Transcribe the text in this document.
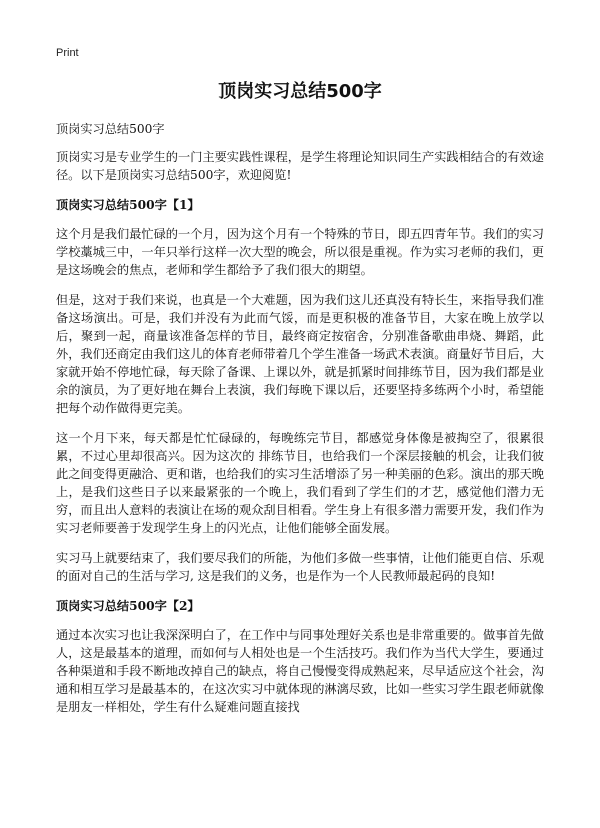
Print
顶岗实习总结500字
顶岗实习总结500字

顶岗实习是专业学生的一门主要实践性课程，是学生将理论知识同生产实践相结合的有效途径。以下是顶岗实习总结500字，欢迎阅览!

顶岗实习总结500字【1】

这个月是我们最忙碌的一个月，因为这个月有一个特殊的节日，即五四青年节。我们的实习学校藁城三中，一年只举行这样一次大型的晚会，所以很是重视。作为实习老师的我们，更是这场晚会的焦点，老师和学生都给予了我们很大的期望。

但是，这对于我们来说，也真是一个大难题，因为我们这儿还真没有特长生，来指导我们准备这场演出。可是，我们并没有为此而气馁，而是更积极的准备节目，大家在晚上放学以后，聚到一起，商量该准备怎样的节目，最终商定按宿舍，分别准备歌曲串烧、舞蹈，此外，我们还商定由我们这儿的体育老师带着几个学生准备一场武术表演。商量好节目后，大家就开始不停地忙碌，每天除了备课、上课以外，就是抓紧时间排练节目，因为我们都是业余的演员，为了更好地在舞台上表演，我们每晚下课以后，还要坚持多练两个小时，希望能把每个动作做得更完美。

这一个月下来，每天都是忙忙碌碌的，每晚练完节目，都感觉身体像是被掏空了，很累很累，不过心里却很高兴。因为这次的 排练节目，也给我们一个深层接触的机会，让我们彼此之间变得更融洽、更和谐，也给我们的实习生活增添了另一种美丽的色彩。演出的那天晚上，是我们这些日子以来最紧张的一个晚上，我们看到了学生们的才艺，感觉他们潜力无穷，而且出人意料的表演让在场的观众刮目相看。学生身上有很多潜力需要开发，我们作为实习老师要善于发现学生身上的闪光点，让他们能够全面发展。

实习马上就要结束了，我们要尽我们的所能，为他们多做一些事情，让他们能更自信、乐观的面对自己的生活与学习, 这是我们的义务，也是作为一个人民教师最起码的良知!

顶岗实习总结500字【2】

通过本次实习也让我深深明白了，在工作中与同事处理好关系也是非常重要的。做事首先做人，这是最基本的道理，而如何与人相处也是一个生活技巧。我们作为当代大学生，要通过各种渠道和手段不断地改掉自己的缺点，将自己慢慢变得成熟起来，尽早适应这个社会，沟通和相互学习是最基本的，在这次实习中就体现的淋漓尽致，比如一些实习学生跟老师就像是朋友一样相处，学生有什么疑难问题直接找
